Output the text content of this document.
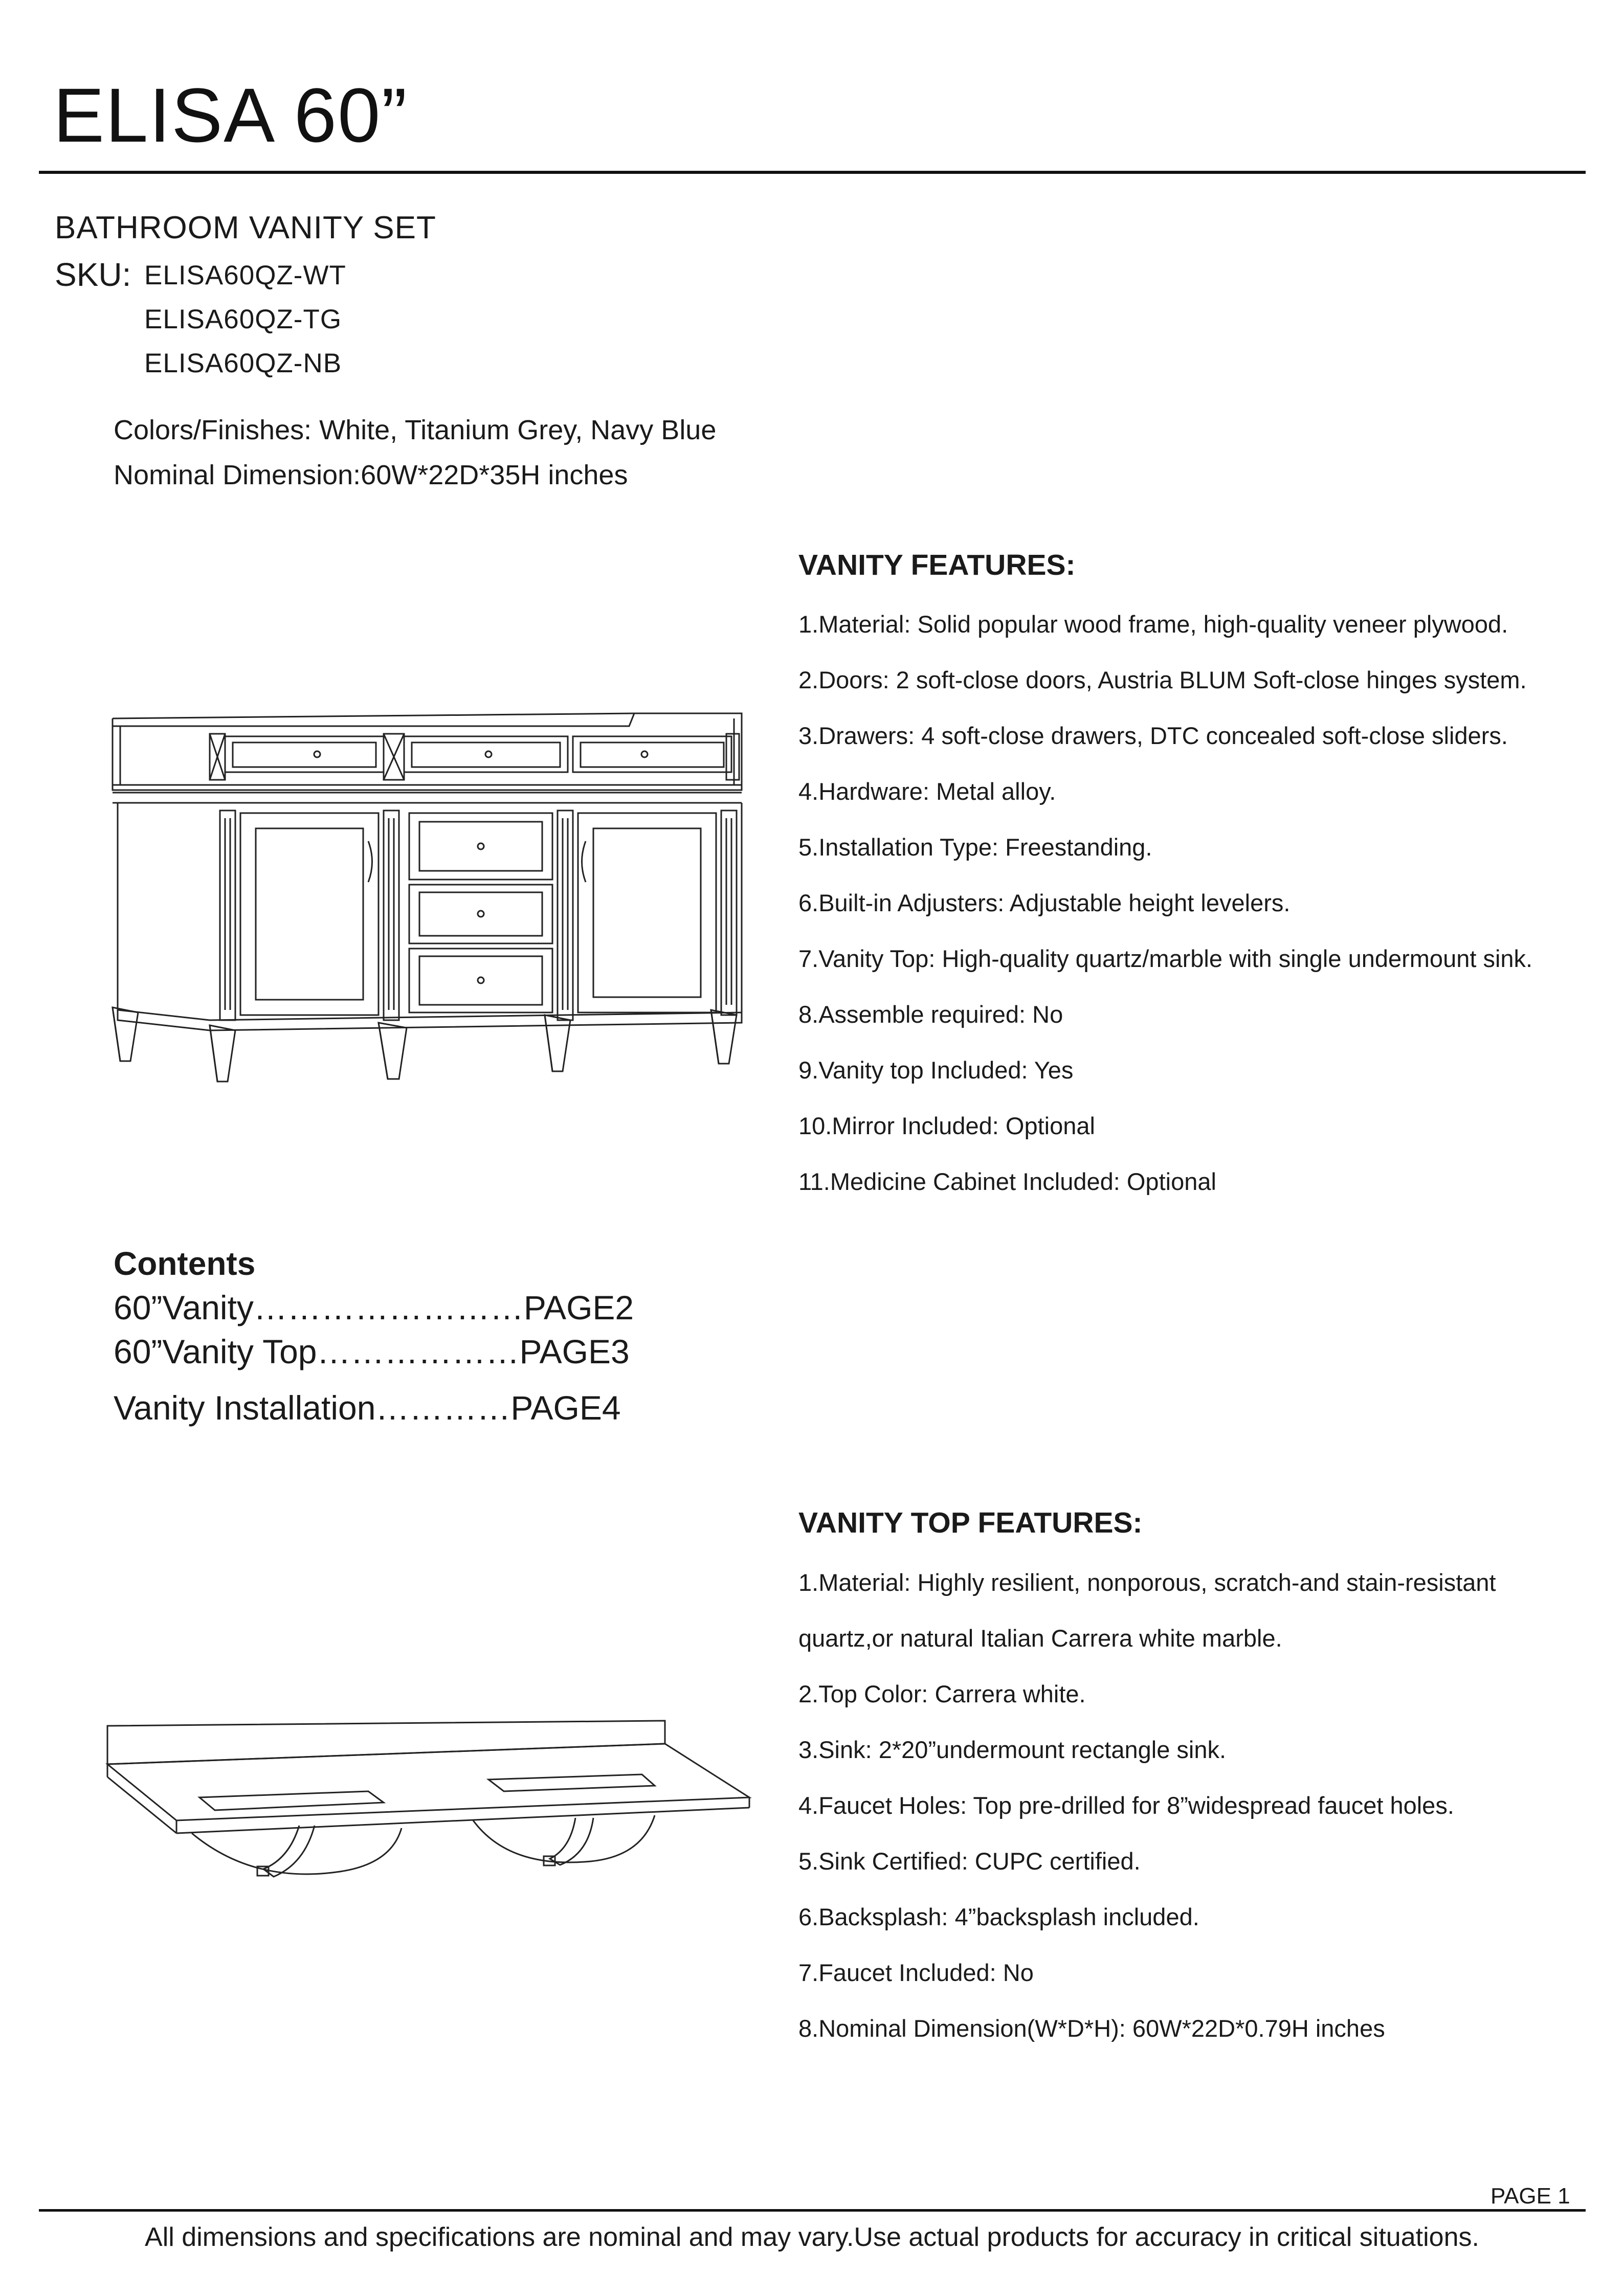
ELISA 60”
BATHROOM VANITY SET
SKU: ELISA60QZ-WT
ELISA60QZ-TG
ELISA60QZ-NB
Colors/Finishes: White, Titanium Grey, Navy Blue
Nominal Dimension:60W*22D*35H inches
VANITY FEATURES:
1.Material: Solid popular wood frame, high-quality veneer plywood.
2.Doors: 2 soft-close doors, Austria BLUM Soft-close hinges system.
3.Drawers: 4 soft-close drawers, DTC concealed soft-close sliders.
4.Hardware: Metal alloy.
5.Installation Type: Freestanding.
6.Built-in Adjusters: Adjustable height levelers.
7.Vanity Top: High-quality quartz/marble with single undermount sink.
8.Assemble required: No
9.Vanity top Included: Yes
10.Mirror Included: Optional
11.Medicine Cabinet Included: Optional
Contents
60”Vanity……………………PAGE2
60”Vanity Top………………PAGE3
Vanity Installation…………PAGE4
VANITY TOP FEATURES:
1.Material: Highly resilient, nonporous, scratch-and stain-resistant
quartz,or natural Italian Carrera white marble.
2.Top Color: Carrera white.
3.Sink: 2*20”undermount rectangle sink.
4.Faucet Holes: Top pre-drilled for 8”widespread faucet holes.
5.Sink Certified: CUPC certified.
6.Backsplash: 4”backsplash included.
7.Faucet Included: No
8.Nominal Dimension(W*D*H): 60W*22D*0.79H inches
PAGE 1
All dimensions and specifications are nominal and may vary.Use actual products for accuracy in critical situations.
